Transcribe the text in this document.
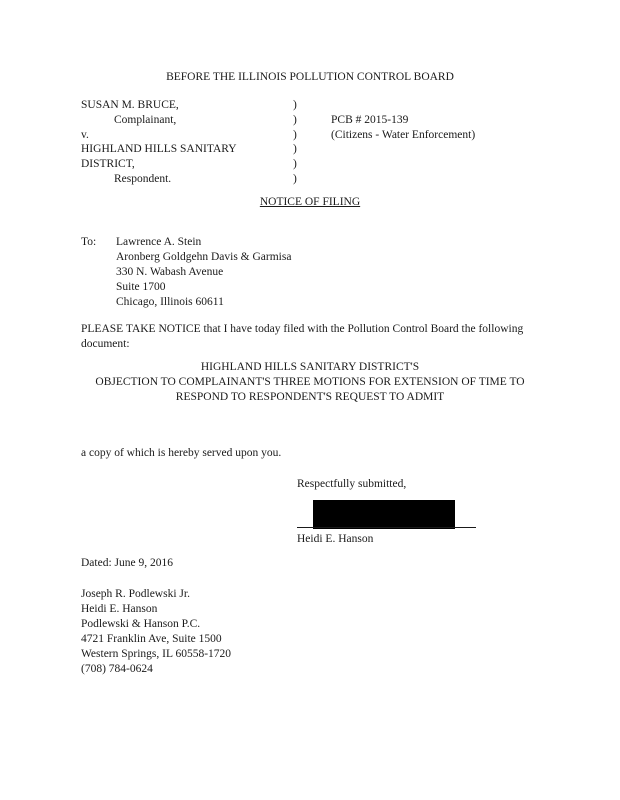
BEFORE THE ILLINOIS POLLUTION CONTROL BOARD
SUSAN M. BRUCE,
Complainant,
v.
HIGHLAND HILLS SANITARY
DISTRICT,
Respondent.
)
)
)
)
)
)
PCB # 2015-139
(Citizens - Water Enforcement)
NOTICE OF FILING
To: Lawrence A. Stein
Aronberg Goldgehn Davis & Garmisa
330 N. Wabash Avenue
Suite 1700
Chicago, Illinois 60611
PLEASE TAKE NOTICE that I have today filed with the Pollution Control Board the following
document:
HIGHLAND HILLS SANITARY DISTRICT'S
OBJECTION TO COMPLAINANT'S THREE MOTIONS FOR EXTENSION OF TIME TO
RESPOND TO RESPONDENT'S REQUEST TO ADMIT
a copy of which is hereby served upon you.
Respectfully submitted,
Heidi E. Hanson
Dated: June 9, 2016
Joseph R. Podlewski Jr.
Heidi E. Hanson
Podlewski & Hanson P.C.
4721 Franklin Ave, Suite 1500
Western Springs, IL 60558-1720
(708) 784-0624
